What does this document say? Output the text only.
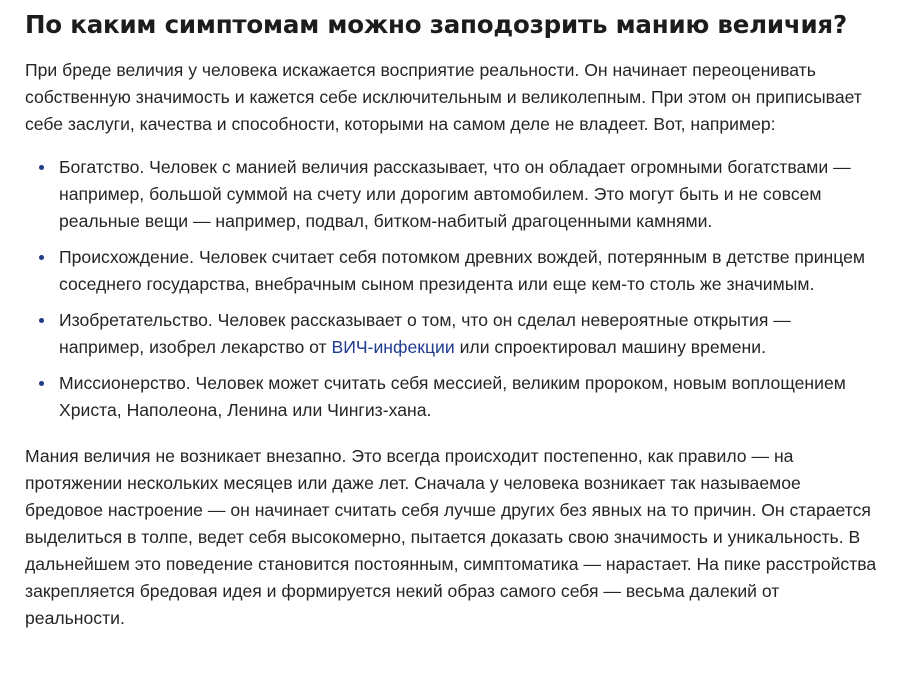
По каким симптомам можно заподозрить манию величия?

При бреде величия у человека искажается восприятие реальности. Он начинает переоценивать собственную значимость и кажется себе исключительным и великолепным. При этом он приписывает себе заслуги, качества и способности, которыми на самом деле не владеет. Вот, например:

Богатство. Человек с манией величия рассказывает, что он обладает огромными богатствами — например, большой суммой на счету или дорогим автомобилем. Это могут быть и не совсем реальные вещи — например, подвал, битком-набитый драгоценными камнями.
Происхождение. Человек считает себя потомком древних вождей, потерянным в детстве принцем соседнего государства, внебрачным сыном президента или еще кем-то столь же значимым.
Изобретательство. Человек рассказывает о том, что он сделал невероятные открытия — например, изобрел лекарство от ВИЧ-инфекции или спроектировал машину времени.
Миссионерство. Человек может считать себя мессией, великим пророком, новым воплощением Христа, Наполеона, Ленина или Чингиз-хана.

Мания величия не возникает внезапно. Это всегда происходит постепенно, как правило — на протяжении нескольких месяцев или даже лет. Сначала у человека возникает так называемое бредовое настроение — он начинает считать себя лучше других без явных на то причин. Он старается выделиться в толпе, ведет себя высокомерно, пытается доказать свою значимость и уникальность. В дальнейшем это поведение становится постоянным, симптоматика — нарастает. На пике расстройства закрепляется бредовая идея и формируется некий образ самого себя — весьма далекий от реальности.
